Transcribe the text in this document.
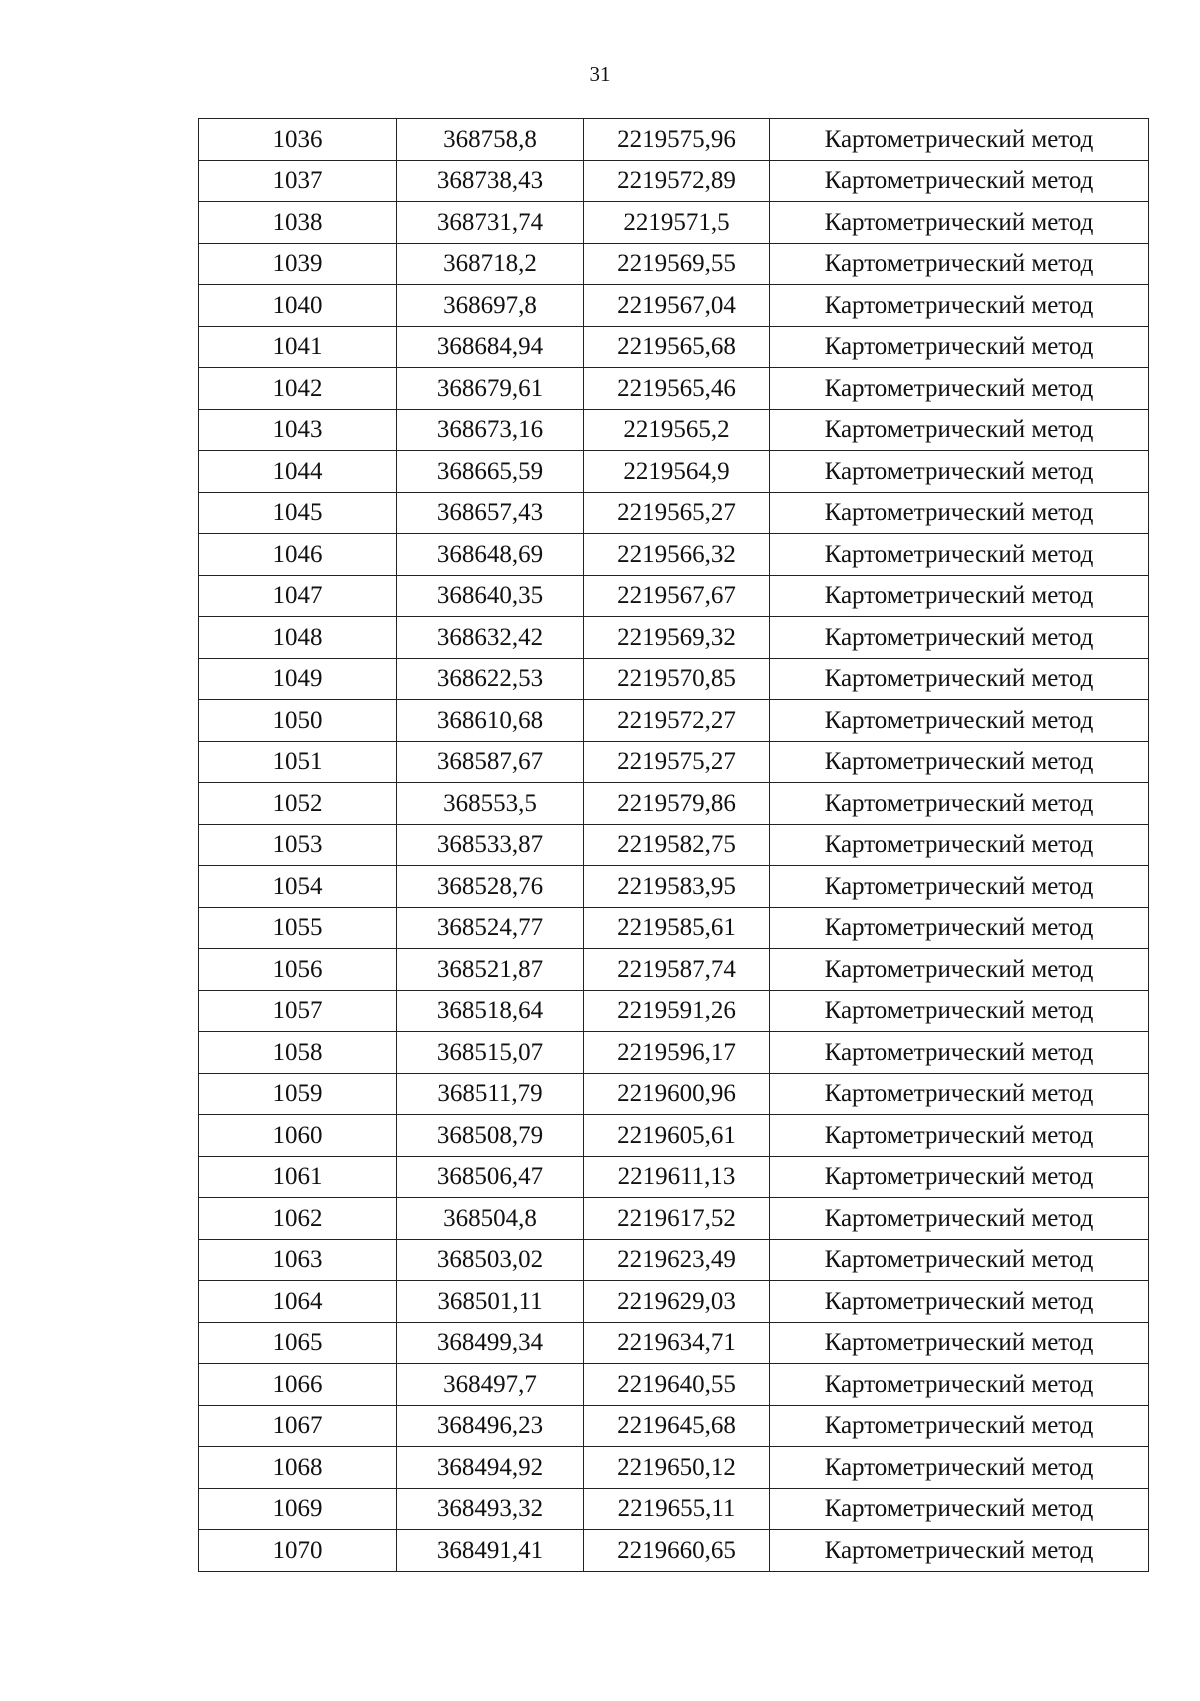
31
1036	368758,8	2219575,96	Картометрический метод
1037	368738,43	2219572,89	Картометрический метод
1038	368731,74	2219571,5	Картометрический метод
1039	368718,2	2219569,55	Картометрический метод
1040	368697,8	2219567,04	Картометрический метод
1041	368684,94	2219565,68	Картометрический метод
1042	368679,61	2219565,46	Картометрический метод
1043	368673,16	2219565,2	Картометрический метод
1044	368665,59	2219564,9	Картометрический метод
1045	368657,43	2219565,27	Картометрический метод
1046	368648,69	2219566,32	Картометрический метод
1047	368640,35	2219567,67	Картометрический метод
1048	368632,42	2219569,32	Картометрический метод
1049	368622,53	2219570,85	Картометрический метод
1050	368610,68	2219572,27	Картометрический метод
1051	368587,67	2219575,27	Картометрический метод
1052	368553,5	2219579,86	Картометрический метод
1053	368533,87	2219582,75	Картометрический метод
1054	368528,76	2219583,95	Картометрический метод
1055	368524,77	2219585,61	Картометрический метод
1056	368521,87	2219587,74	Картометрический метод
1057	368518,64	2219591,26	Картометрический метод
1058	368515,07	2219596,17	Картометрический метод
1059	368511,79	2219600,96	Картометрический метод
1060	368508,79	2219605,61	Картометрический метод
1061	368506,47	2219611,13	Картометрический метод
1062	368504,8	2219617,52	Картометрический метод
1063	368503,02	2219623,49	Картометрический метод
1064	368501,11	2219629,03	Картометрический метод
1065	368499,34	2219634,71	Картометрический метод
1066	368497,7	2219640,55	Картометрический метод
1067	368496,23	2219645,68	Картометрический метод
1068	368494,92	2219650,12	Картометрический метод
1069	368493,32	2219655,11	Картометрический метод
1070	368491,41	2219660,65	Картометрический метод
